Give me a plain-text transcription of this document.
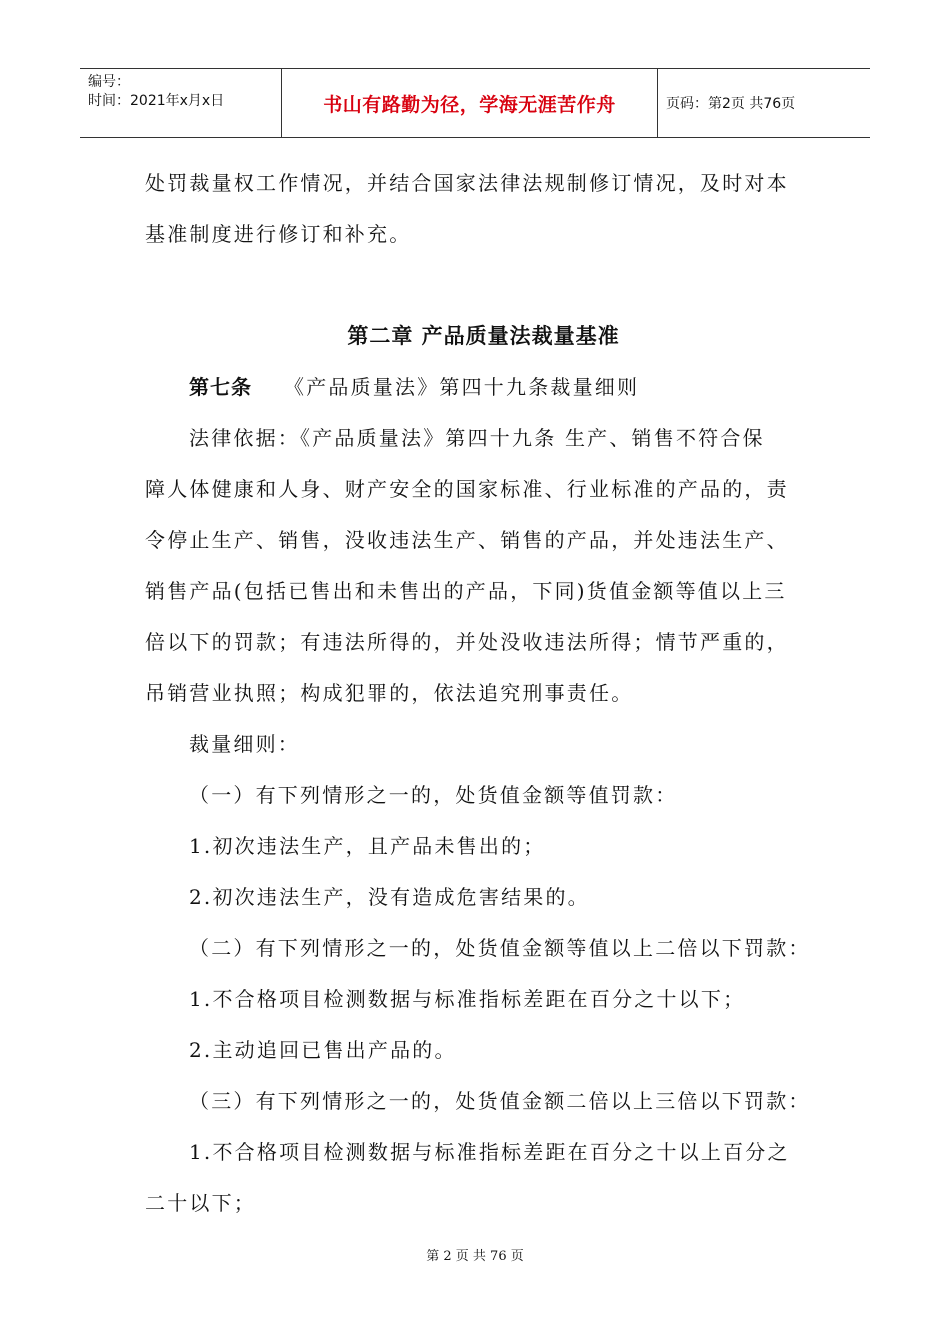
编号：
时间：2021年x月x日	书山有路勤为径，学海无涯苦作舟	页码：第2页 共76页
处罚裁量权工作情况，并结合国家法律法规制修订情况，及时对本
基准制度进行修订和补充。
第二章 产品质量法裁量基准
第七条 《产品质量法》第四十九条裁量细则
法律依据：《产品质量法》第四十九条 生产、销售不符合保
障人体健康和人身、财产安全的国家标准、行业标准的产品的，责
令停止生产、销售，没收违法生产、销售的产品，并处违法生产、
销售产品(包括已售出和未售出的产品，下同)货值金额等值以上三
倍以下的罚款；有违法所得的，并处没收违法所得；情节严重的，
吊销营业执照；构成犯罪的，依法追究刑事责任。
裁量细则：
（一）有下列情形之一的，处货值金额等值罚款：
1.初次违法生产，且产品未售出的；
2.初次违法生产，没有造成危害结果的。
（二）有下列情形之一的，处货值金额等值以上二倍以下罚款：
1.不合格项目检测数据与标准指标差距在百分之十以下；
2.主动追回已售出产品的。
（三）有下列情形之一的，处货值金额二倍以上三倍以下罚款：
1.不合格项目检测数据与标准指标差距在百分之十以上百分之
二十以下；
第 2 页 共 76 页
